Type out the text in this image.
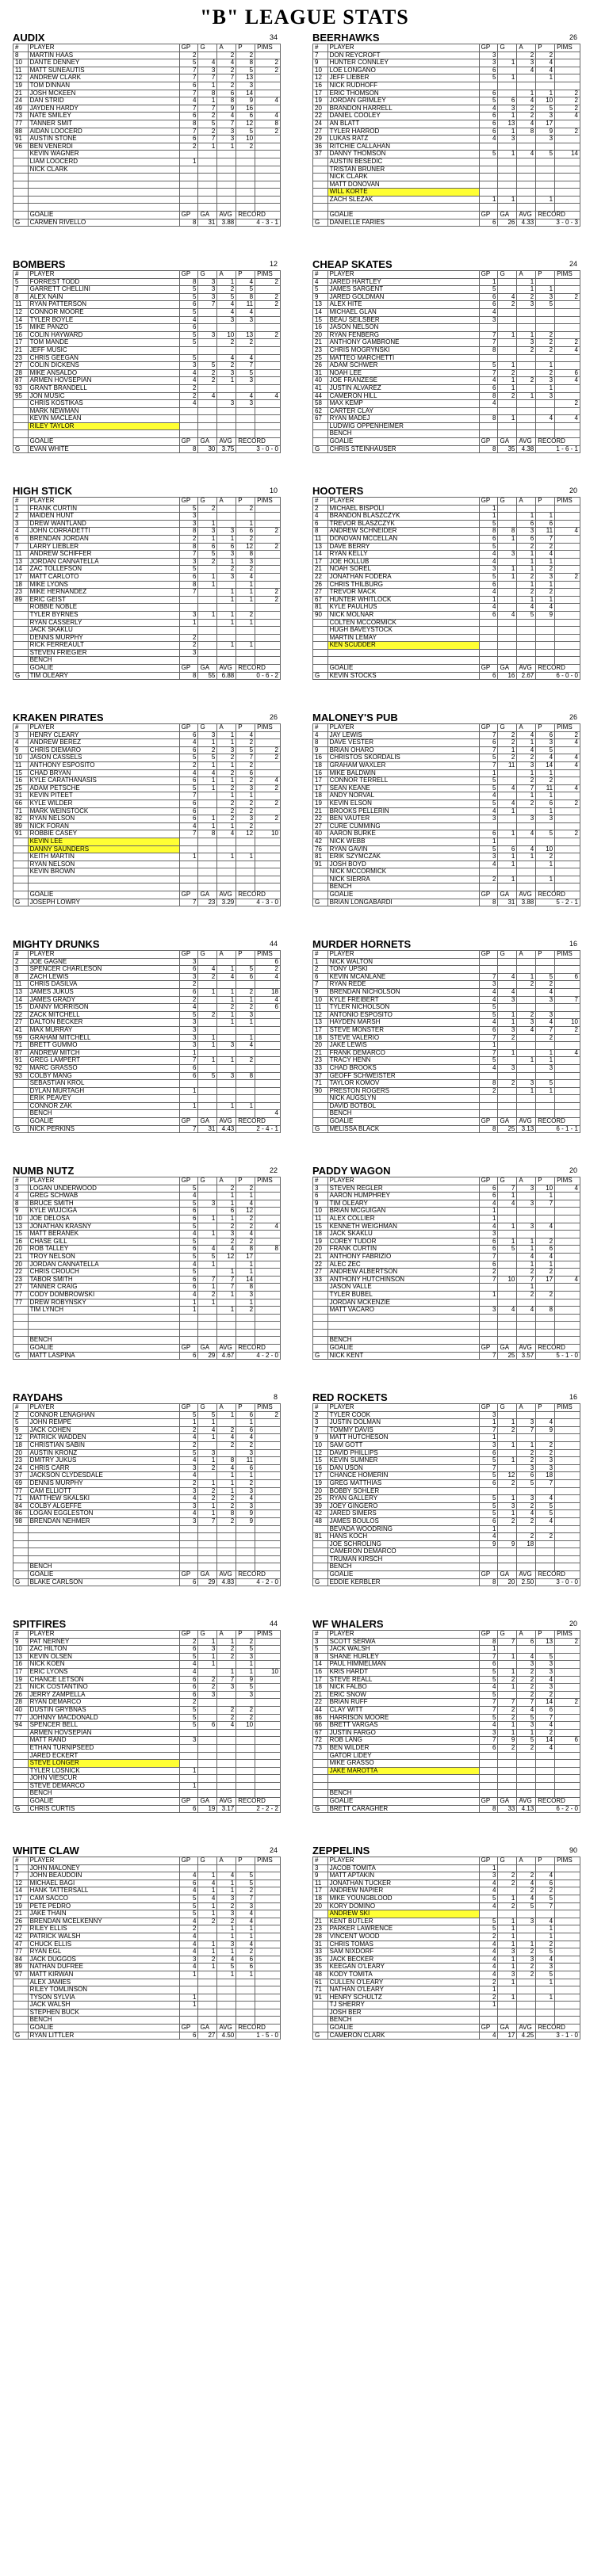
"B" LEAGUE STATS
AUDIX	34
#	PLAYER	GP	G	A	P	PIMS
8	MARTIN HAAS	2		2	2	
10	DANTE DENNEY	5	4	4	8	2
11	MATT SUNEAUTIS	7	3	2	5	2
12	ANDREW CLARK	7	7	7	13	
19	TOM DINNAN	6	1	2	3	
21	JOSH MCKEEN	7	8	6	14	
24	DAN STRID	4	1	8	9	4
49	JAYDEN HARDY	7	7	9	16	
73	NATE SMILEY	6	2	4	6	4
77	TANNER SMIT	8	5	7	12	8
88	AIDAN LOOCERD	7	2	3	5	2
91	AUSTIN STONE	6	7	3	10	
96	BEN VENERDI	2	1	1	2	
	KEVIN WAGNER					
	LIAM LOOCERD	1				
	NICK CLARK					

	GOALIE	GP	GA	AVG	RECORD	
G	CARMEN RIVELLO	8	31	3.88	4 - 3 - 1	
BEERHAWKS	26
#	PLAYER	GP	G	A	P	PIMS
7	DON REYCROFT	3		2	2	
9	HUNTER CONNLEY	3	1	3	4	
10	LOE LONGANO	6		4	4	
12	JEFF LIEBER	5	1		1	
16	NICK RUDHOFF					
17	ERIC THOMSON	6		1	1	2
19	JORDAN GRIMLEY	5	6	4	10	2
20	BRANDON HARRELL	4	3	2	5	2
22	DANIEL COOLEY	6	1	2	3	4
24	AN BLATT	6	13	4	17	
27	TYLER HARROD	6	1	8	9	2
29	LUKAS RATZ	4	3		3	
36	RITCHIE CALLAHAN					
37	DANNY THOMSON	5	1	4	5	14
	AUSTIN BESEDIC					
	TRISTAN BRUNER					
	NICK CLARK					
	MATT DONOVAN					
	WILL KORTE					
	ZACH SLEZAK	1	1		1	

	GOALIE	GP	GA	AVG	RECORD	
G	DANIELLE FARIES	6	26	4.33	3 - 0 - 3	
BOMBERS	12
#	PLAYER	GP	G	A	P	PIMS
5	FORREST TODD	8	3	1	4	2
7	GARRETT CHELLINI	5	3	2	5	
8	ALEX NAIN	5	3	5	8	2
11	RYAN PATTERSON	6	7	4	11	2
12	CONNOR MOORE	5		4	4	
14	TYLER BOYLE	4		3	3	
15	MIKE PANZO	6				
16	COLIN HAYWARD	5	3	10	13	2
17	TOM MANDE	5		2	2	
21	JEFF MUSIC					
23	CHRIS GEEGAN	5		4	4	
27	COLIN DICKENS	3	5	2	7	
28	MIKE ANSALDO	4	2	3	5	
87	ARMEN HOVSEPIAN	4	2	1	3	
93	GRANT BRANDELL	2				
95	JON MUSIC	2	4		4	4
	CHRIS KOSTIKAS	4		3	3	
	MARK NEWMAN					
	KEVIN MACLEAN					
	RILEY TAYLOR					

	GOALIE	GP	GA	AVG	RECORD	
G	EVAN WHITE	8	30	3.75	3 - 0 - 0	
CHEAP SKATES	24
#	PLAYER	GP	G	A	P	PIMS
4	JARED HARTLEY	1		1		
5	JAMES SARGENT	5		1	1	
9	JARED GOLDMAN	6	4	2	3	2
13	ALEX HITE	6	2	3	5	
14	MICHAEL GLAN	4				
15	BEAU SEILSBER	3				
16	JASON NELSON					
20	RYAN FENBERG	7	1	1	2	
21	ANTHONY GAMBRONE	7		3	2	2
23	CHRIS MOGRYNSKI	8		2	2	4
25	MATTEO MARCHETTI					
26	ADAM SCHWER	5	1		1	
31	NOAH LEE	7	2		2	6
40	JOE FRANZESE	4	1	2	3	4
41	JUSTIN ALVAREZ	6	1		1	
44	CAMERON HILL	8	2	1	3	
58	MAX KEMP	4				2
62	CARTER CLAY					
67	RYAN MADEJ	8	1		4	4
	LUDWIG OPPENHEIMER					
	BENCH					
	GOALIE	GP	GA	AVG	RECORD	
G	CHRIS STEINHAUSER	8	35	4.38	1 - 6 - 1	
HIGH STICK	10
#	PLAYER	GP	G	A	P	PIMS
1	FRANK CURTIN	5	2		2	
2	MAIDEN HUNT	3				
3	DREW WANTLAND	3	1		1	
4	JOHN CORRADETTI	8	3	3	6	2
6	BRENDAN JORDAN	2	1	1	2	
7	LARRY LIEBLER	8	6	6	12	2
11	ANDREW SCHIFFER	7	5	3	8	
13	JORDAN CANNATELLA	3	2	1	3	
14	ZAC TOLLEFSON	5		2	2	
17	MATT CARLOTO	6	1	3	4	
18	MIKE LYONS	8	1		1	
23	MIKE HERNANDEZ	7		1	1	2
89	ERIC GEIST			1	1	2
	ROBBIE NOBLE					
	TYLER BYRNES	3	1	1	2	
	RYAN CASSERLY	1		1	1	
	JACK SKAKLU					
	DENNIS MURPHY	2				
	RICK FERREAULT	2		1	1	
	STEVEN FRIEGIER	3				
	BENCH					
	GOALIE	GP	GA	AVG	RECORD	
G	TIM OLEARY	8	55	6.88	0 - 6 - 2	
HOOTERS	20
#	PLAYER	GP	G	A	P	PIMS
2	MICHAEL BISPOLI	1				
4	BRANDON BLASZCZYK	1		1	1	
6	TREVOR BLASZCZYK	5		6	6	
8	ANDREW SCHNEIDER	8	8	3	11	4
11	DONOVAN MCCELLAN	6	1	6	7	
13	DAVE BERRY	5		2	2	
14	RYAN KELLY	4	3	1	4	
17	JOE HOLLUB	4		1	1	
21	NOAH SOREL	3	1	1	2	
22	JONATHAN FODERA	5	1	2	3	2
26	CHRIS THILBURG	6		1	1	
27	TREVOR MACK	4		2	2	
67	HUNTER WHITLOCK	1		1	1	
81	KYLE PAULHUS	4		4	4	
90	NICK MOLNAR	6	4	5	9	
	COLTEN MCCORMICK					
	HUGH BAVEYSTOCK					
	MARTIN LEMAY					
	KEN SCUDDER					

	GOALIE	GP	GA	AVG	RECORD	
G	KEVIN STOCKS	6	16	2.67	6 - 0 - 0	
KRAKEN PIRATES	26
#	PLAYER	GP	G	A	P	PIMS
3	HENRY CLEARY	6	3	1	4	
4	ANDREW BEREZ	4	1	1	2	
9	CHRIS DIEMARO	6	2	3	5	2
10	JASON CASSELS	5	5	2	7	2
11	ANTHONY ESPOSITO	2	1	1	2	
15	CHAD BRYAN	4	4	2	6	
16	KYLE CARATHANASIS	6	1	1	2	4
25	ADAM PETSCHE	5	1	2	3	2
31	KEVIN PITEET	7		1	1	
66	KYLE WILDER	6		2	2	2
71	MARK WEINSTOCK	6		2	2	
82	RYAN NELSON	6	1	2	3	2
89	NICK FORAN	4	1	1	2	
91	ROBBIE CASEY	7	8	4	12	10
	KEVIN LEE					
	DANNY SAUNDERS					
	KEITH MARTIN	1		1	1	
	RYAN NELSON					
	KEVIN BROWN					

	GOALIE	GP	GA	AVG	RECORD	
G	JOSEPH LOWRY	7	23	3.29	4 - 3 - 0	
MALONEY'S PUB	26
#	PLAYER	GP	G	A	P	PIMS
4	JAY LEWIS	7	2	4	6	2
8	DAVE VESTER	6	2	1	3	4
9	BRIAN OHARO	7	1	4	5	
16	CHRISTOS SKORDALIS	5	2	2	4	4
18	GRAHAM WAXLER	7	11	3	14	4
16	MIKE BALDWIN	1		1	1	
17	CONNOR TERRELL	5		2	2	
17	SEAN KEANE	5	4	7	11	4
18	ANDY NORVAL	4		1	1	
19	KEVIN ELSON	5	4	2	6	2
21	BROOKS PELLERIN	4	1		1	
22	BEN VAUTER	3		3	3	
27	CURE CUMMING					
40	AARON BURKE	6	1	4	5	2
42	NICK WEBB	1				
76	RYAN GAVIN	5	6	4	10	
81	ERIK SZYMCZAK	3	1	1	2	
91	JOSH BOYD	4	1		1	
	NICK MCCORMICK					
	NICK SIERRA	2	1		1	
	BENCH					
	GOALIE	GP	GA	AVG	RECORD	
G	BRIAN LONGABARDI	8	31	3.88	5 - 2 - 1	
MIGHTY DRUNKS	44
#	PLAYER	GP	G	A	P	PIMS
2	JOE GAGNE	3				6
3	SPENCER CHARLESON	6	4	1	5	2
8	ZACH LEWIS	3	2	4	6	4
11	CHRIS DASILVA	2				
13	JAMES JUKUS	6	1	1	2	18
14	JAMES GRADY	2		1	1	4
15	DANNY MORRISON	4		2	2	6
22	ZACK MITCHELL	5	2	1	3	
27	DALTON BECKER	3		1	1	
41	MAX MURRAY	3				
59	GRAHAM MITCHELL	3	1		1	
71	BRETT GUMMO	3	1	3	4	
87	ANDREW MITCH	1				
91	GREG LAMPERT	7	1	1	2	
92	MARC GRASSO	6				
93	COLBY MANG	6	5	3	8	
	SEBASTIAN KROL					
	DYLAN MURTAGH	1				
	ERIK PEAVEY					
	CONNOR ZAK	1		1	1	
	BENCH					4
	GOALIE	GP	GA	AVG	RECORD	
G	NICK PERKINS	7	31	4.43	2 - 4 - 1	
MURDER HORNETS	16
#	PLAYER	GP	G	A	P	PIMS
1	NICK WALTON					
2	TONY UPSKI					
6	KEVIN MCANLANE	7	4	1	5	6
7	RYAN REDE	3		2	2	
9	BRENDAN NICHOLSON	4	4		4	
10	KYLE FREIBERT	4	3		3	7
11	TYLER NICHOLSON	5				
12	ANTONIO ESPOSITO	5	1	2	3	
13	HAYDEN MARSH	4	1	3	4	10
17	STEVE MONSTER	6	3	4	7	2
18	STEVE VALERIO	7	2		2	
20	JAKE LEWIS	1				
21	FRANK DEMARCO	7	1		1	4
23	TRACY HENN	5		1	1	
33	CHAD BROOKS	4	3		3	
37	GEOFF SCHWEISTER					
71	TAYLOR KOMOV	8	2	3	5	
90	PRESTON ROGERS	2		1	1	
	NICK AUGSLYN					
	DAVID BOTBOL					
	BENCH					
	GOALIE	GP	GA	AVG	RECORD	
G	MELISSA BLACK	8	25	3.13	6 - 1 - 1	
NUMB NUTZ	22
#	PLAYER	GP	G	A	P	PIMS
3	LOGAN UNDERWOOD	5		2	2	
4	GREG SCHWAB	4		1	1	
8	BRUCE SMITH	5	3	1	4	
9	KYLE WUJCIGA	6		6	12	
10	JOE DELOSA	6	1	1	2	
13	JONATHAN KRASNY	5		2	2	4
15	MATT BERANEK	4	1	3	4	
16	CHASE GILL	5		2	2	
20	ROB TALLEY	6	4	4	8	8
21	TROY NELSON	5	5	12	17	
20	JORDAN CANNATELLA	4	1		1	
22	CHRIS CROUCH	5		1	1	
23	TABOR SMITH	6	7	7	14	
27	TANNER CRAIG	6	1	7	8	
77	CODY DOMBROWSKI	4	2	1	3	
77	DREW ROBYNSKY	1	1		1	
	TIM LYNCH	1		1	2	

	BENCH					
	GOALIE	GP	GA	AVG	RECORD	
G	MATT LASPINA	6	29	4.67	4 - 2 - 0	
PADDY WAGON	20
#	PLAYER	GP	G	A	P	PIMS
3	STEVEN REGLER	6	7	3	10	4
6	AARON HUMPHREY	6	1		1	
9	TIM OLEARY	4	4	3	7	
10	BRIAN MCGUIGAN	1				
11	ALEX COLLIER	1				
15	KENNETH WEIGHMAN	4	1	3	4	
18	JACK SKAKLU	3				
19	COREY TUDOR	6	1	1	2	
20	FRANK CURTIN	6	5	1	6	
21	ANTHONY FABRIZIO	7		4	4	
22	ALEC ZEC	6		1	1	
27	ANDREW ALBERTSON	2		2	2	
33	ANTHONY HUTCHINSON	7	10	7	17	4
	JASON VALLE			1		
	TYLER BUBEL	1		2	2	
	JORDAN MCKENZIE					
	MATT VACARO	3	4	4	8	

	BENCH					
	GOALIE	GP	GA	AVG	RECORD	
G	NICK KENT	7	25	3.57	5 - 1 - 0	
RAYDAHS	8
#	PLAYER	GP	G	A	P	PIMS
2	CONNOR LENAGHAN	5	5	1	6	2
5	JOHN REMPE	1	1		1	
9	JACK COHEN	2	4	2	6	
12	PATRICK WADDEN	4	1	4	4	
18	CHRISTIAN SABIN	2		2	2	
20	AUSTIN KRONZ	5	3		3	
23	DMITRY JUKUS	4	1	8	11	
24	CHRIS CARR	3	2	4	6	
37	JACKSON CLYDESDALE	4		1	1	
69	DENNIS MURPHY	2	1	1	2	
77	CAM ELLIOTT	3	2	1	3	
71	MATTHEW SKALSKI	4	2	2	4	
84	COLBY ALGEFFE	3	1	2	3	
86	LOGAN EGGLESTON	4	1	8	9	
98	BRENDAN NEHMER	3	7	2	9	

	BENCH					
	GOALIE	GP	GA	AVG	RECORD	
G	BLAKE CARLSON	6	29	4.83	4 - 2 - 0	
RED ROCKETS	16
#	PLAYER	GP	G	A	P	PIMS
2	TYLER COOK	3				
3	JUSTIN DOLMAN	1	1	3	4	
7	TOMMY DAVIS	7	2	7	9	
9	MATT HUTCHESON	1				
10	SAM GOTT	3	1	1	2	
12	DAVID PHILLIPS	6		2	2	
15	KEVIN SUMNER	5	1	2	3	
16	DAN USON	7		3	3	
17	CHANCE HOMERIN	5	12	6	18	
19	GREG MATTHIAS	6	2	5	7	
20	BOBBY SOHLER					
25	RYAN GALLERY	5	1	3	4	
39	JOEY GINGERO	5	3	2	5	
42	JARED SIMERS	5	1	4	5	
48	JAMES BOULOS	6	2	2	4	
	BEVADA WOODRING	1				
81	HANS KOCH	4		2	2	
	JOE SCHROLING	9	9	18		
	CAMERON DEMARCO					
	TRUMAN KIRSCH					
	BENCH					
	GOALIE	GP	GA	AVG	RECORD	
G	EDDIE KERBLER	8	20	2.50	3 - 0 - 0	
SPITFIRES	44
#	PLAYER	GP	G	A	P	PIMS
9	PAT NERNEY	2	1	1	2	
10	ZAC HILTON	6	3	2	5	
13	KEVIN OLSEN	5	1	2	3	
16	NICK KOEN	4	1		1	
17	ERIC LYONS	4		1	1	10
19	CHANCE LETSON	6	2	7	9	
21	NICK COSTANTINO	6	2	3	5	
26	JERRY ZAMPELLA	6	3		3	
28	RYAN DEMARCO	2				
40	DUSTIN GRYBNAS	5		2	2	
77	JOHNNY MACDONALD	5		2	2	
94	SPENCER BELL	5	6	4	10	
	ARMEN HOVSEPIAN					
	MATT RAND	3				
	ETHAN TURNIPSEED					
	JARED ECKERT					
	STEVE LONGER					
	TYLER LOSNICK	1				
	JOHN VIESCUR					
	STEVE DEMARCO	1				
	BENCH					
	GOALIE	GP	GA	AVG	RECORD	
G	CHRIS CURTIS	6	19	3.17	2 - 2 - 2	
WF WHALERS	20
#	PLAYER	GP	G	A	P	PIMS
3	SCOTT SERWA	8	7	6	13	2
5	JACK WALSH	1				
8	SHANE HURLEY	7	1	4	5	
14	PAUL HIMMELMAN	6		3	3	
16	KRIS HARDT	5	1	2	3	
17	STEVE REALL	5	2	2	4	
18	NICK FALBO	4	1	2	3	
21	ERIC SNOW	5		2	2	
22	BRIAN RUFF	7	7	7	14	2
44	CLAY WITT	7	2	4	6	
86	HARRISON MOORE	5	2	5	7	
66	BRETT VARGAS	4	1	3	4	
67	JUSTIN FARGO	3	1	1	2	
72	ROB LANG	7	9	5	14	6
73	BEN WILDER	6	2	2	4	
	GATOR LIDEY					
	MIKE GRASSO					
	JAKE MAROTTA					

	BENCH					
	GOALIE	GP	GA	AVG	RECORD	
G	BRETT CARAGHER	8	33	4.13	6 - 2 - 0	
WHITE CLAW	24
#	PLAYER	GP	G	A	P	PIMS
1	JOHN MALONEY					
7	JOHN BEAUDOIN	4	1	4	5	
12	MICHAEL BAGI	6	4	1	5	
14	HANK TATTERSALL	4	1	1	2	
17	CAM SACCO	5	4	3	7	
19	PETE PEDRO	5	1	2	3	
21	JAKE THAIN	5	1	3	4	
26	BRENDAN MCELKENNY	4	2	2	4	
27	RILEY ELLIS	2		1	1	
42	PATRICK WALSH	4		1	1	
47	CHUCK ELLIS	4	1	3	4	
77	RYAN EGL	4	1	1	2	
84	JACK DUGGOS	3	2	4	6	
89	NATHAN DUFREE	4	1	5	6	
97	MATT KIRWAN	1		1	1	
	ALEX JAMIES					
	RILEY TOMLINSON					
	TYSON SYLVIA	1				
	JACK WALSH	1				
	STEPHEN BUCK					
	BENCH					
	GOALIE	GP	GA	AVG	RECORD	
G	RYAN LITTLER	6	27	4.50	1 - 5 - 0	
ZEPPELINS	90
#	PLAYER	GP	G	A	P	PIMS
3	JACOB TOMITA	1				
9	MATT APTAKIN	3	2	2	4	
11	JONATHAN TUCKER	4	2	4	6	
17	ANDREW NAPIER	4		2	2	
18	MIKE YOUNGBLOOD	5	1	4	5	
20	KORY DOMINO	4	2	5	7	
	ANDREW SKI					
21	KENT BUTLER	5	1	3	4	
23	PARKER LAWRENCE	5	1		1	
28	VINCENT WOOD	2	1		1	
31	CHRIS TOMAS	4	1	1	2	
33	SAM NIXDORF	4	3	2	5	
35	JACK BECKER	4	1	3	4	
35	KEEGAN O'LEARY	4	1	2	3	
48	KODY TOMITA	4	3	2	5	
61	CULLEN O'LEARY	2	1		1	
71	NATHAN O'LEARY	1				
91	HENRY SCHULTZ	2	1		1	
	TJ SHERRY	1				
	JOSH BER					
	BENCH					
	GOALIE	GP	GA	AVG	RECORD	
G	CAMERON CLARK	4	17	4.25	3 - 1 - 0	
